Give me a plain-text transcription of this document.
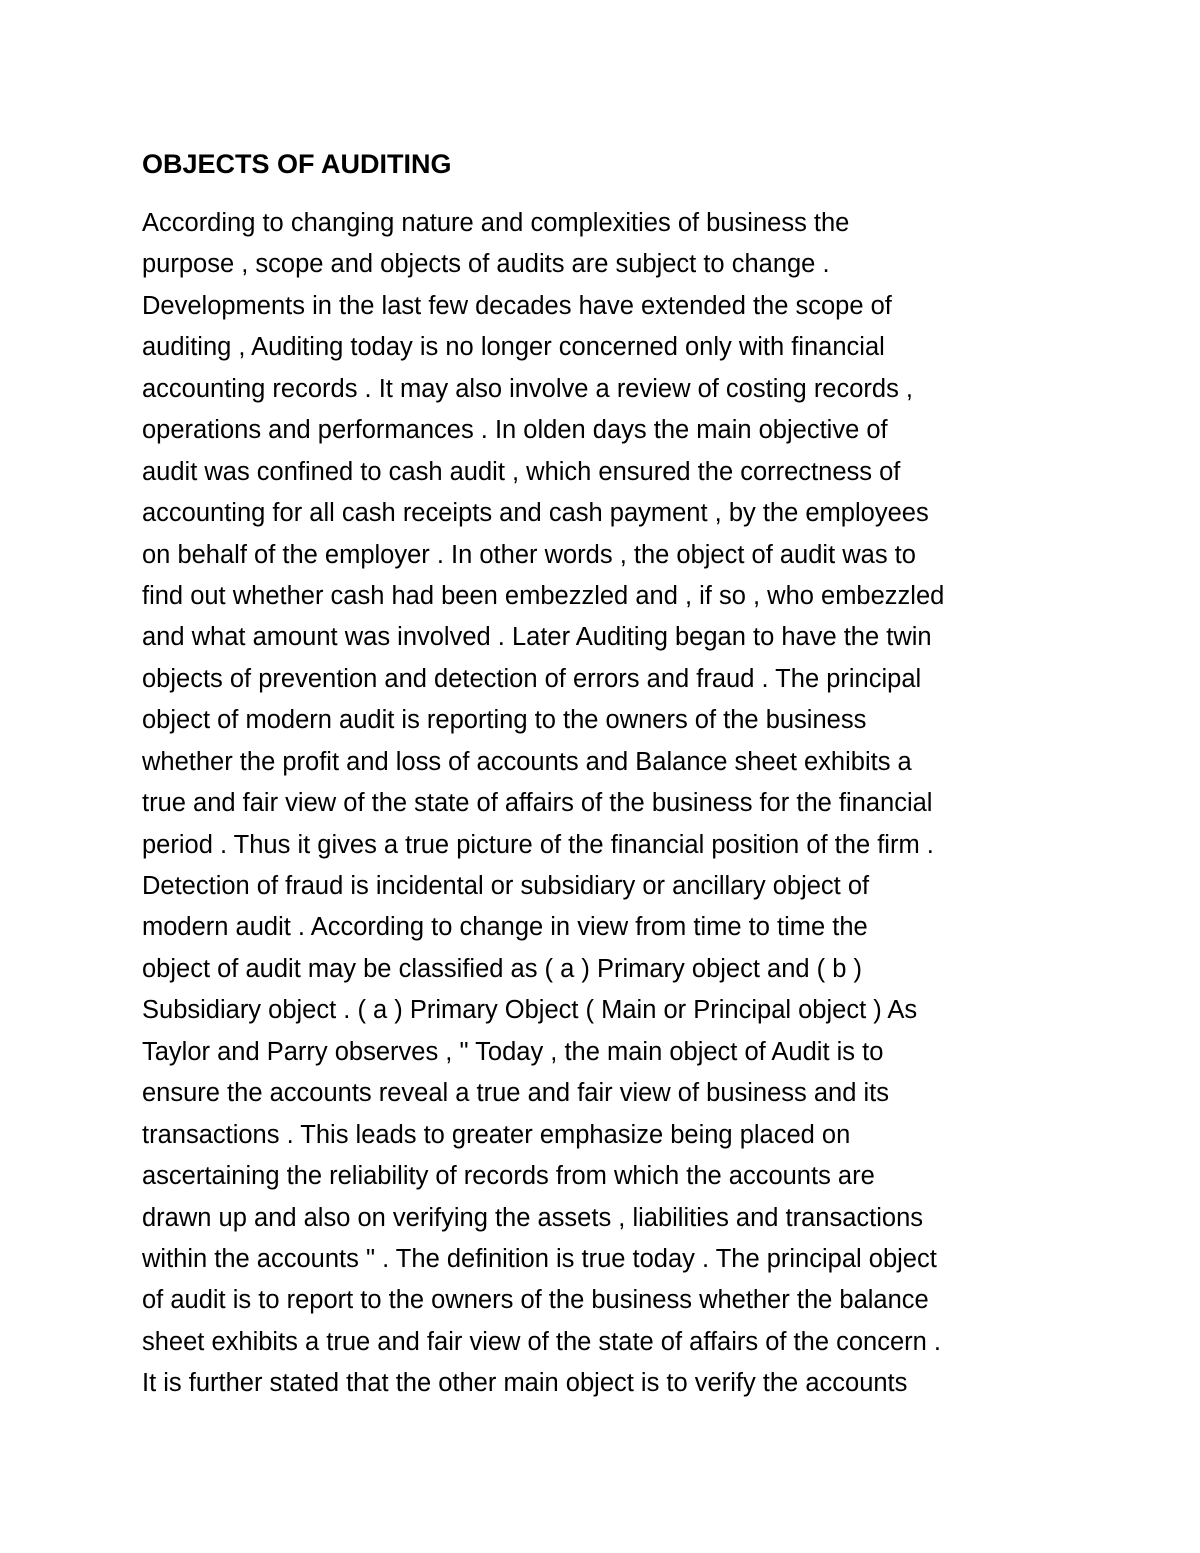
OBJECTS OF AUDITING
According to changing nature and complexities of business the
purpose , scope and objects of audits are subject to change .
Developments in the last few decades have extended the scope of
auditing , Auditing today is no longer concerned only with financial
accounting records . It may also involve a review of costing records ,
operations and performances . In olden days the main objective of
audit was confined to cash audit , which ensured the correctness of
accounting for all cash receipts and cash payment , by the employees
on behalf of the employer . In other words , the object of audit was to
find out whether cash had been embezzled and , if so , who embezzled
and what amount was involved . Later Auditing began to have the twin
objects of prevention and detection of errors and fraud . The principal
object of modern audit is reporting to the owners of the business
whether the profit and loss of accounts and Balance sheet exhibits a
true and fair view of the state of affairs of the business for the financial
period . Thus it gives a true picture of the financial position of the firm .
Detection of fraud is incidental or subsidiary or ancillary object of
modern audit . According to change in view from time to time the
object of audit may be classified as ( a ) Primary object and ( b )
Subsidiary object . ( a ) Primary Object ( Main or Principal object ) As
Taylor and Parry observes , " Today , the main object of Audit is to
ensure the accounts reveal a true and fair view of business and its
transactions . This leads to greater emphasize being placed on
ascertaining the reliability of records from which the accounts are
drawn up and also on verifying the assets , liabilities and transactions
within the accounts " . The definition is true today . The principal object
of audit is to report to the owners of the business whether the balance
sheet exhibits a true and fair view of the state of affairs of the concern .
It is further stated that the other main object is to verify the accounts
